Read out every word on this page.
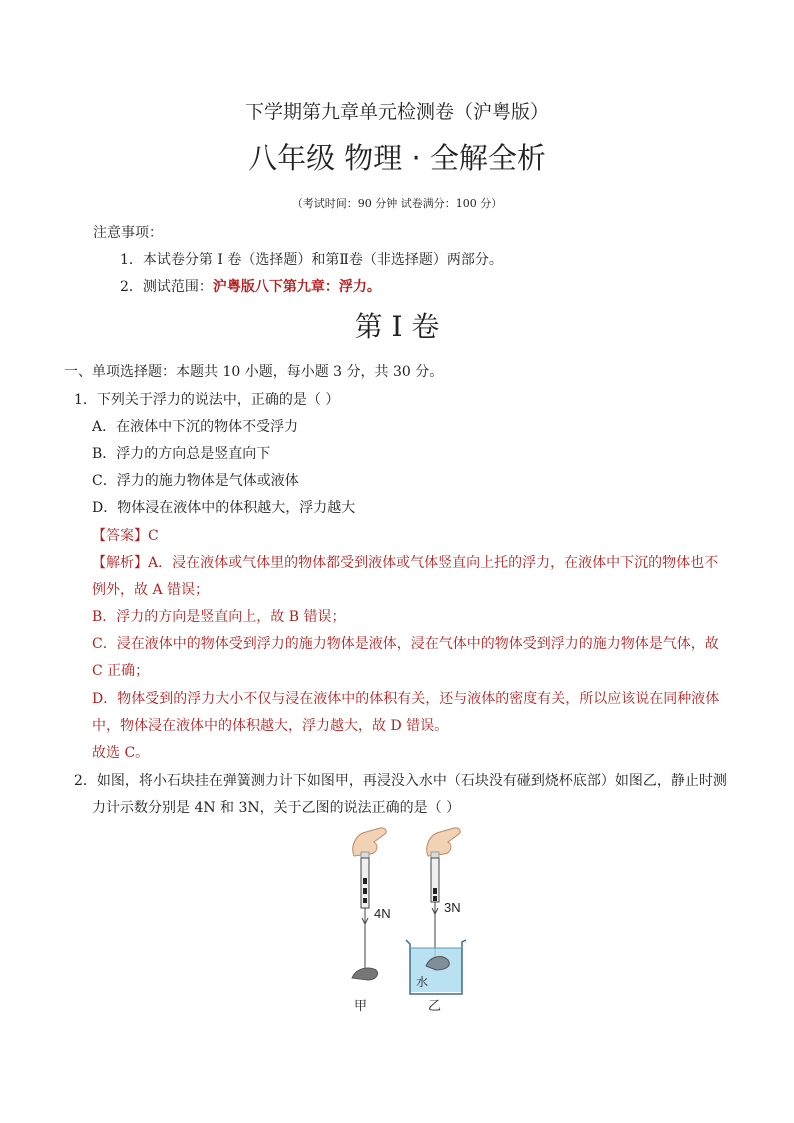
下学期第九章单元检测卷（沪粤版）
八年级 物理 · 全解全析
（考试时间：90 分钟 试卷满分：100 分）
注意事项：
1．本试卷分第 I 卷（选择题）和第Ⅱ卷（非选择题）两部分。
2．测试范围：沪粤版八下第九章：浮力。
第 I 卷
一、单项选择题：本题共 10 小题，每小题 3 分，共 30 分。
1．下列关于浮力的说法中，正确的是（ ）
A．在液体中下沉的物体不受浮力
B．浮力的方向总是竖直向下
C．浮力的施力物体是气体或液体
D．物体浸在液体中的体积越大，浮力越大
【答案】C
【解析】A．浸在液体或气体里的物体都受到液体或气体竖直向上托的浮力，在液体中下沉的物体也不
例外，故 A 错误；
B．浮力的方向是竖直向上，故 B 错误；
C．浸在液体中的物体受到浮力的施力物体是液体，浸在气体中的物体受到浮力的施力物体是气体，故
C 正确；
D．物体受到的浮力大小不仅与浸在液体中的体积有关，还与液体的密度有关，所以应该说在同种液体
中，物体浸在液体中的体积越大，浮力越大，故 D 错误。
故选 C。
2．如图，将小石块挂在弹簧测力计下如图甲，再浸没入水中（石块没有碰到烧杯底部）如图乙，静止时测
力计示数分别是 4N 和 3N，关于乙图的说法正确的是（ ）
4N
甲
3N
水
乙
